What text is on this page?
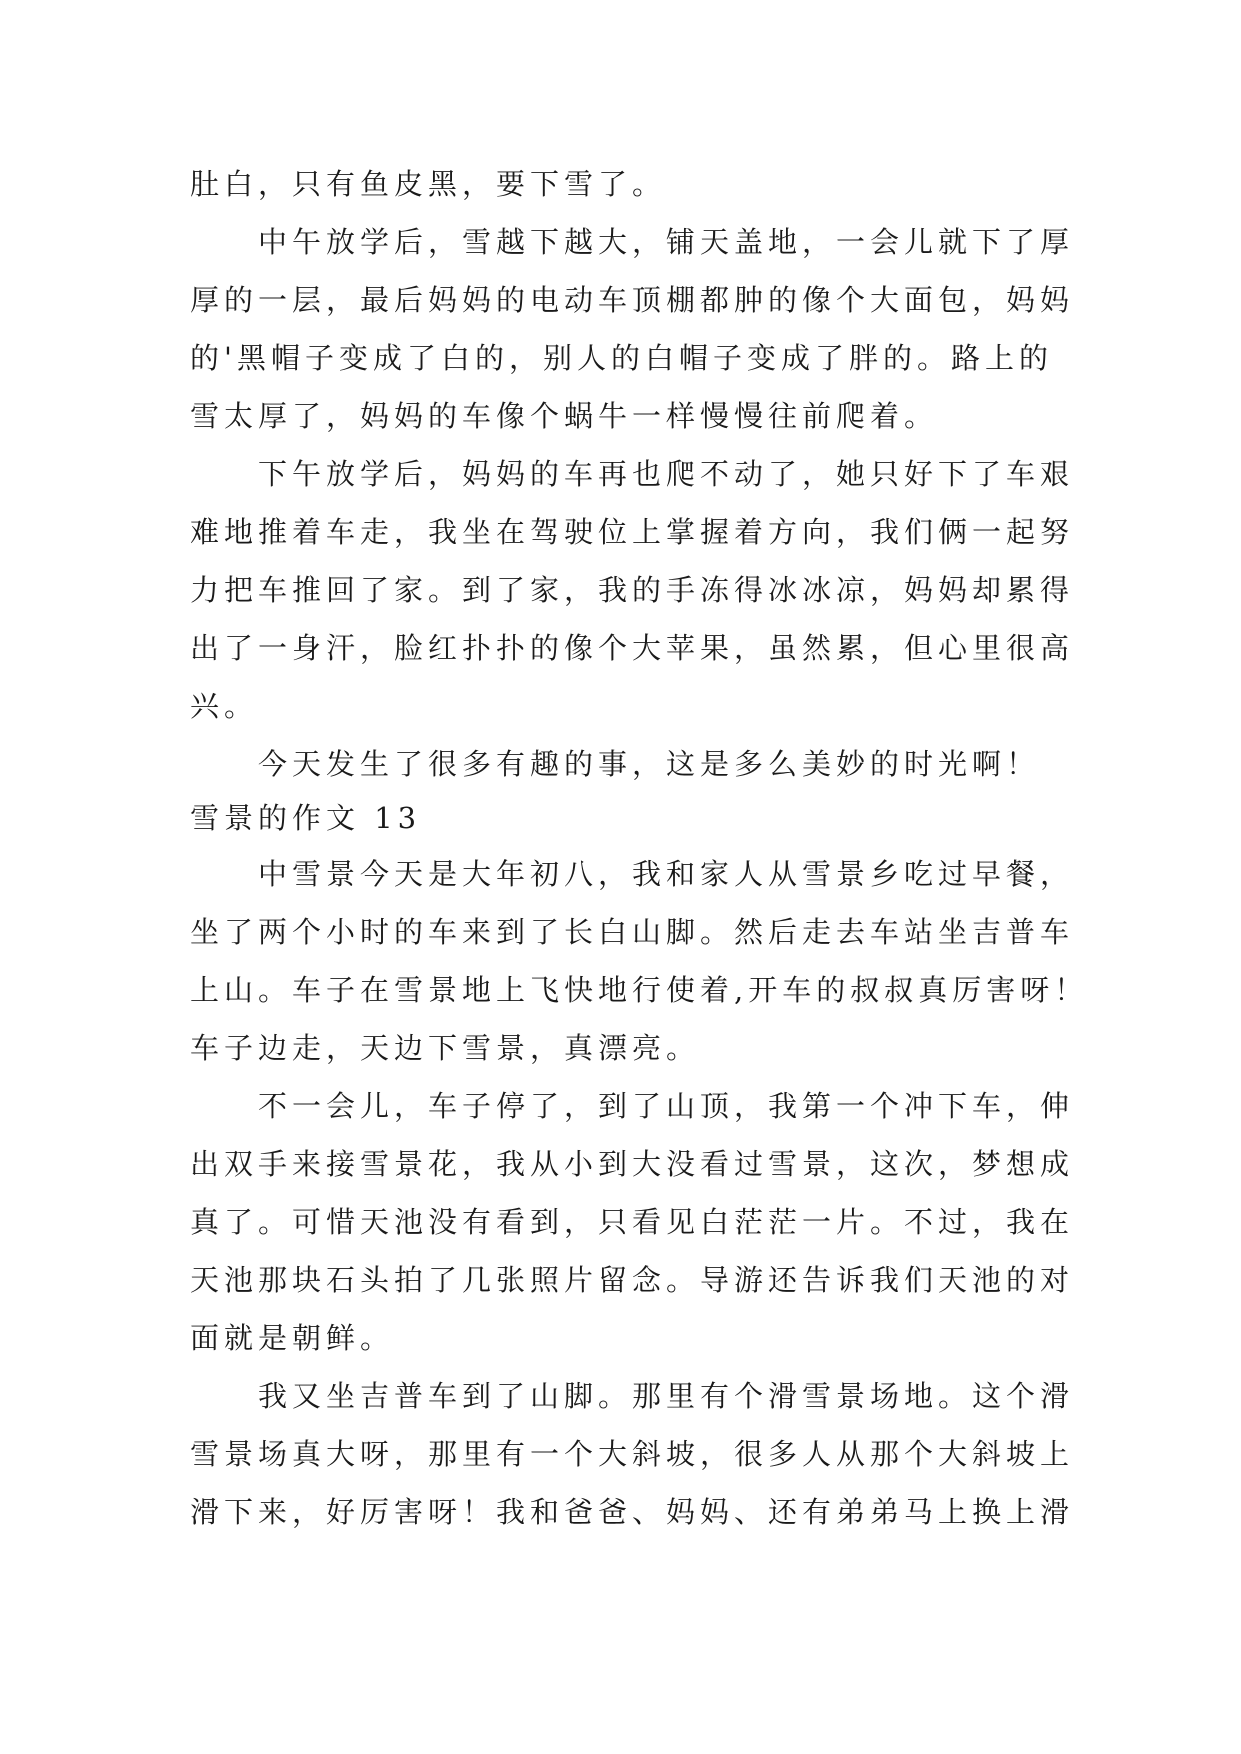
肚白，只有鱼皮黑，要下雪了。
中午放学后，雪越下越大，铺天盖地，一会儿就下了厚
厚的一层，最后妈妈的电动车顶棚都肿的像个大面包，妈妈
的'黑帽子变成了白的，别人的白帽子变成了胖的。路上的
雪太厚了，妈妈的车像个蜗牛一样慢慢往前爬着。
下午放学后，妈妈的车再也爬不动了，她只好下了车艰
难地推着车走，我坐在驾驶位上掌握着方向，我们俩一起努
力把车推回了家。到了家，我的手冻得冰冰凉，妈妈却累得
出了一身汗，脸红扑扑的像个大苹果，虽然累，但心里很高
兴。
今天发生了很多有趣的事，这是多么美妙的时光啊！
雪景的作文 13
中雪景今天是大年初八，我和家人从雪景乡吃过早餐，
坐了两个小时的车来到了长白山脚。然后走去车站坐吉普车
上山。车子在雪景地上飞快地行使着,开车的叔叔真厉害呀！
车子边走，天边下雪景，真漂亮。
不一会儿，车子停了，到了山顶，我第一个冲下车，伸
出双手来接雪景花，我从小到大没看过雪景，这次，梦想成
真了。可惜天池没有看到，只看见白茫茫一片。不过，我在
天池那块石头拍了几张照片留念。导游还告诉我们天池的对
面就是朝鲜。
我又坐吉普车到了山脚。那里有个滑雪景场地。这个滑
雪景场真大呀，那里有一个大斜坡，很多人从那个大斜坡上
滑下来，好厉害呀！我和爸爸、妈妈、还有弟弟马上换上滑
